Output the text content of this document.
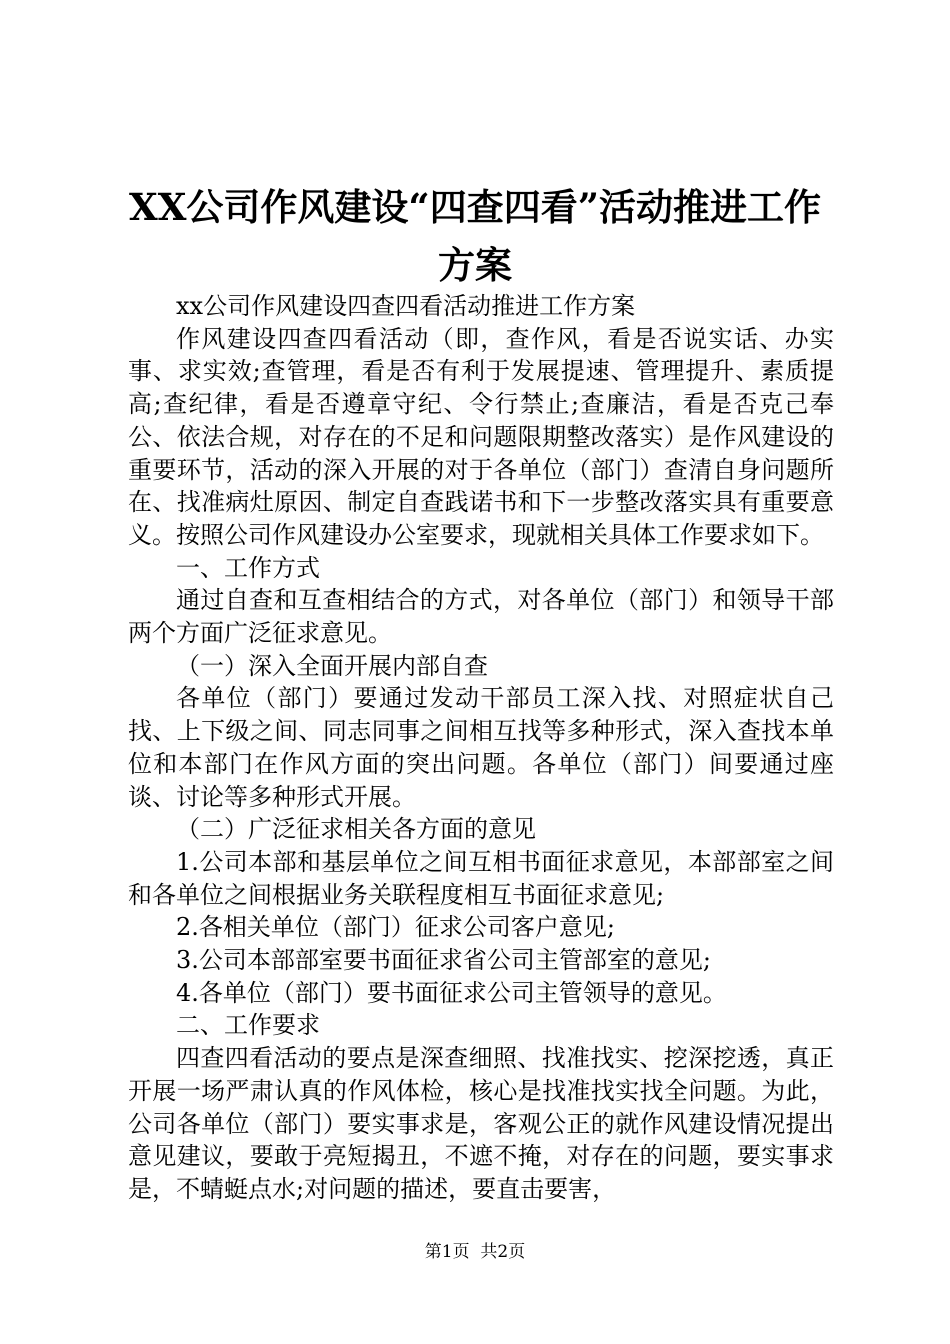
XX公司作风建设“四查四看”活动推进工作
方案

xx公司作风建设四查四看活动推进工作方案

作风建设四查四看活动（即，查作风，看是否说实话、办实事、求实效;查管理，看是否有利于发展提速、管理提升、素质提高;查纪律，看是否遵章守纪、令行禁止;查廉洁，看是否克己奉公、依法合规，对存在的不足和问题限期整改落实）是作风建设的重要环节，活动的深入开展的对于各单位（部门）查清自身问题所在、找准病灶原因、制定自查践诺书和下一步整改落实具有重要意义。按照公司作风建设办公室要求，现就相关具体工作要求如下。

一、工作方式

通过自查和互查相结合的方式，对各单位（部门）和领导干部两个方面广泛征求意见。

（一）深入全面开展内部自查

各单位（部门）要通过发动干部员工深入找、对照症状自己找、上下级之间、同志同事之间相互找等多种形式，深入查找本单位和本部门在作风方面的突出问题。各单位（部门）间要通过座谈、讨论等多种形式开展。

（二）广泛征求相关各方面的意见

1.公司本部和基层单位之间互相书面征求意见，本部部室之间和各单位之间根据业务关联程度相互书面征求意见;

2.各相关单位（部门）征求公司客户意见;

3.公司本部部室要书面征求省公司主管部室的意见;

4.各单位（部门）要书面征求公司主管领导的意见。

二、工作要求

四查四看活动的要点是深查细照、找准找实、挖深挖透，真正开展一场严肃认真的作风体检，核心是找准找实找全问题。为此，公司各单位（部门）要实事求是，客观公正的就作风建设情况提出意见建议，要敢于亮短揭丑，不遮不掩，对存在的问题，要实事求是，不蜻蜓点水;对问题的描述，要直击要害，

第1页  共2页
